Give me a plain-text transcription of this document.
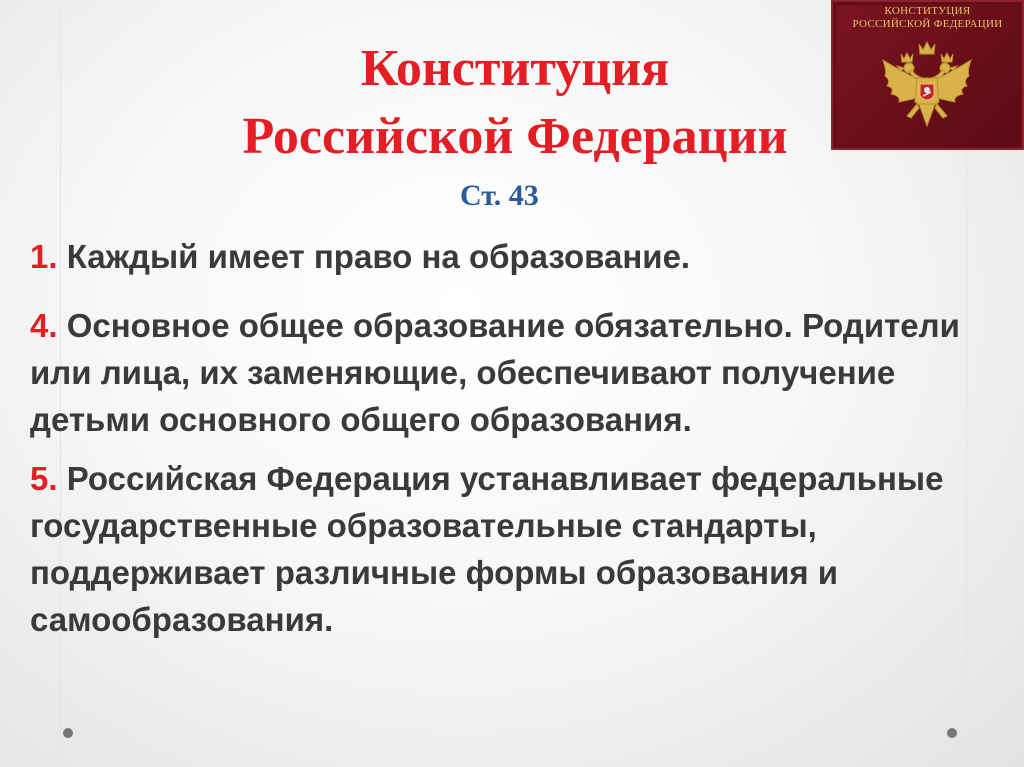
Конституция
Российской Федерации
Ст. 43

1. Каждый имеет право на образование.

4. Основное общее образование обязательно. Родители или лица, их заменяющие, обеспечивают получение детьми основного общего образования.

5. Российская Федерация устанавливает федеральные государственные образовательные стандарты, поддерживает различные формы образования и самообразования.

КОНСТИТУЦИЯ
РОССИЙСКОЙ ФЕДЕРАЦИИ
